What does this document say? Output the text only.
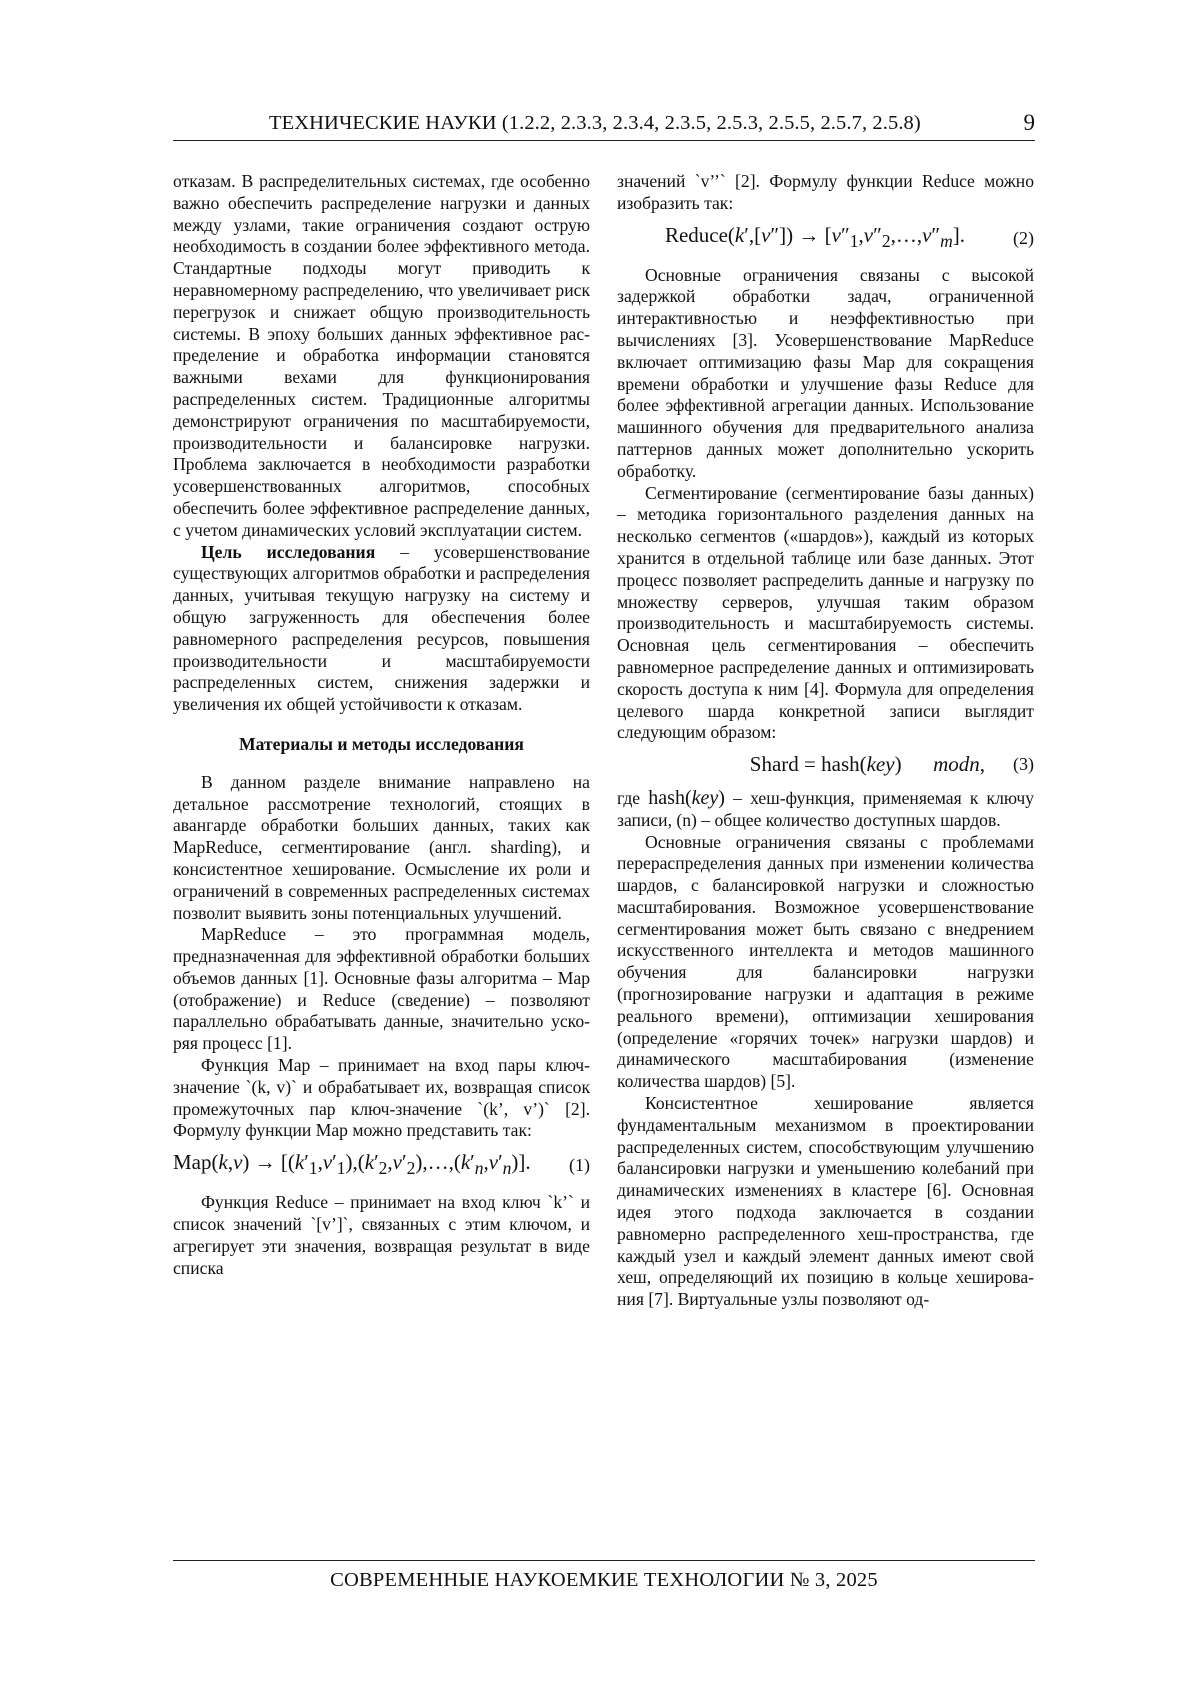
ТЕХНИЧЕСКИЕ НАУКИ (1.2.2, 2.3.3, 2.3.4, 2.3.5, 2.5.3, 2.5.5, 2.5.7, 2.5.8)	9

отказам. В распределительных системах, где особенно важно обеспечить распределение нагрузки и данных между узлами, такие ограничения создают острую необходимость в создании более эффективного метода. Стандартные подходы могут приводить к неравномерному распределению, что увеличивает риск перегрузок и снижает общую производительность системы. В эпоху больших данных эффективное распределение и обработка информации становятся важными вехами для функционирования распределенных систем. Традиционные алгоритмы демонстрируют ограничения по масштабируемости, производительности и балансировке нагрузки. Проблема заключается в необходимости разработки усовершенствованных алгоритмов, способных обеспечить более эффективное распределение данных, с учетом динамических условий эксплуатации систем.

Цель исследования – усовершенствование существующих алгоритмов обработки и распределения данных, учитывая текущую нагрузку на систему и общую загруженность для обеспечения более равномерного распределения ресурсов, повышения производительности и масштабируемости распределенных систем, снижения задержки и увеличения их общей устойчивости к отказам.

Материалы и методы исследования

В данном разделе внимание направлено на детальное рассмотрение технологий, стоящих в авангарде обработки больших данных, таких как MapReduce, сегментирование (англ. sharding), и консистентное хеширование. Осмысление их роли и ограничений в современных распределенных системах позволит выявить зоны потенциальных улучшений.

MapReduce – это программная модель, предназначенная для эффективной обработки больших объемов данных [1]. Основные фазы алгоритма – Map (отображение) и Reduce (сведение) – позволяют параллельно обрабатывать данные, значительно ускоряя процесс [1].

Функция Map – принимает на вход пары ключ-значение `(k, v)` и обрабатывает их, возвращая список промежуточных пар ключ-значение `(k’, v’)` [2]. Формулу функции Map можно представить так:

$Map(k,v) \to [(k'_1,v'_1),(k'_2,v'_2),\dots,(k'_n,v'_n)]$. (1)

Функция Reduce – принимает на вход ключ `k’` и список значений `[v’]`, связанных с этим ключом, и агрегирует эти значения, возвращая результат в виде списка

значений `v’’` [2]. Формулу функции Reduce можно изобразить так:

Reduce(k′,[v″]) → $[v''_1,v''_2,\dots,v''_m]$.	(2)

Основные ограничения связаны с высокой задержкой обработки задач, ограниченной интерактивностью и неэффективностью при вычислениях [3]. Усовершенствование MapReduce включает оптимизацию фазы Map для сокращения времени обработки и улучшение фазы Reduce для более эффективной агрегации данных. Использование машинного обучения для предварительного анализа паттернов данных может дополнительно ускорить обработку.

Сегментирование (сегментирование базы данных) – методика горизонтального разделения данных на несколько сегментов («шардов»), каждый из которых хранится в отдельной таблице или базе данных. Этот процесс позволяет распределить данные и нагрузку по множеству серверов, улучшая таким образом производительность и масштабируемость системы. Основная цель сегментирования – обеспечить равномерное распределение данных и оптимизировать скорость доступа к ним [4]. Формула для определения целевого шарда конкретной записи выглядит следующим образом:

Shard = hash(key)      modn, (3)

где hash(key) – хеш-функция, применяемая к ключу записи, (n) – общее количество доступных шардов.

Основные ограничения связаны с проблемами перераспределения данных при изменении количества шардов, с балансировкой нагрузки и сложностью масштабирования. Возможное усовершенствование сегментирования может быть связано с внедрением искусственного интеллекта и методов машинного обучения для балансировки нагрузки (прогнозирование нагрузки и адаптация в режиме реального времени), оптимизации хеширования (определение «горячих точек» нагрузки шардов) и динамического масштабирования (изменение количества шардов) [5].

Консистентное хеширование является фундаментальным механизмом в проектировании распределенных систем, способствующим улучшению балансировки нагрузки и уменьшению колебаний при динамических изменениях в кластере [6]. Основная идея этого подхода заключается в создании равномерно распределенного хеш-пространства, где каждый узел и каждый элемент данных имеют свой хеш, определяющий их позицию в кольце хеширования [7]. Виртуальные узлы позволяют од-

СОВРЕМЕННЫЕ НАУКОЕМКИЕ ТЕХНОЛОГИИ № 3, 2025
